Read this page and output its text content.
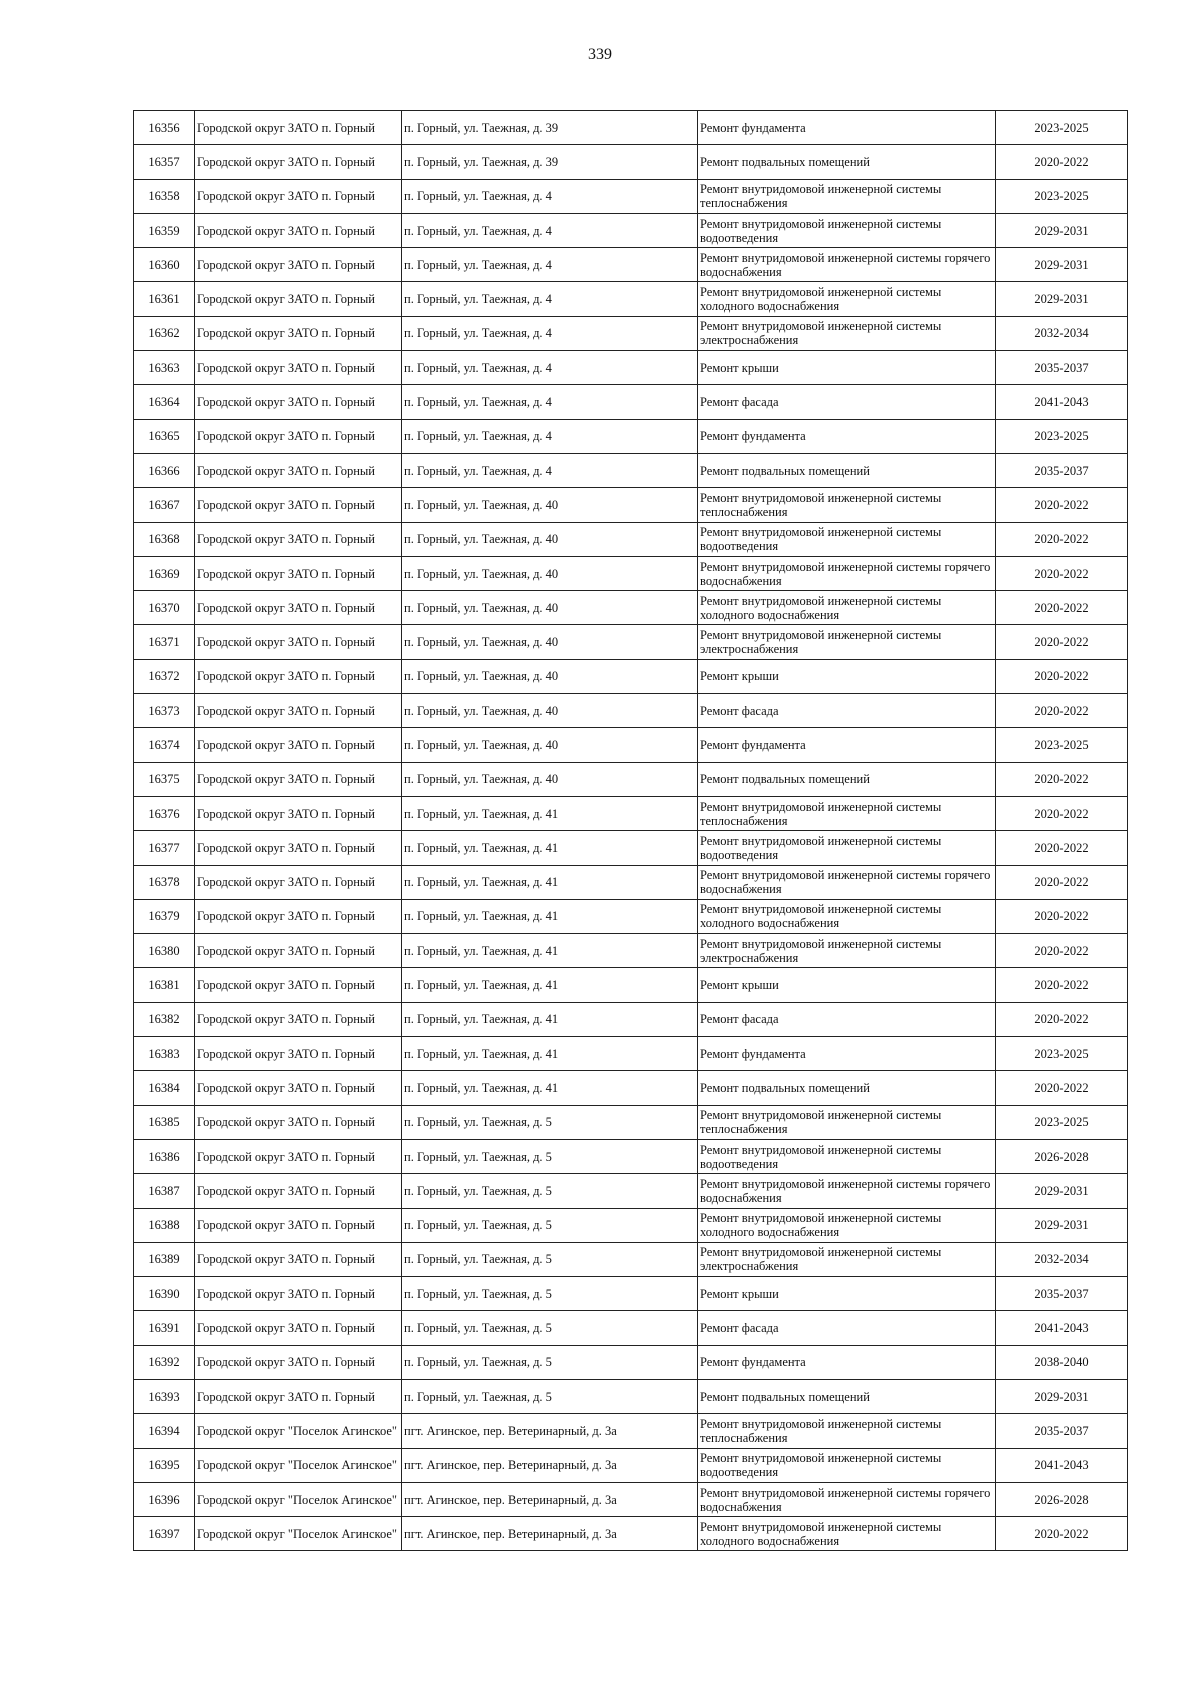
339
16356	Городской округ ЗАТО п. Горный	п. Горный, ул. Таежная, д. 39	Ремонт фундамента	2023-2025
16357	Городской округ ЗАТО п. Горный	п. Горный, ул. Таежная, д. 39	Ремонт подвальных помещений	2020-2022
16358	Городской округ ЗАТО п. Горный	п. Горный, ул. Таежная, д. 4	Ремонт внутридомовой инженерной системы теплоснабжения	2023-2025
16359	Городской округ ЗАТО п. Горный	п. Горный, ул. Таежная, д. 4	Ремонт внутридомовой инженерной системы водоотведения	2029-2031
16360	Городской округ ЗАТО п. Горный	п. Горный, ул. Таежная, д. 4	Ремонт внутридомовой инженерной системы горячего водоснабжения	2029-2031
16361	Городской округ ЗАТО п. Горный	п. Горный, ул. Таежная, д. 4	Ремонт внутридомовой инженерной системы холодного водоснабжения	2029-2031
16362	Городской округ ЗАТО п. Горный	п. Горный, ул. Таежная, д. 4	Ремонт внутридомовой инженерной системы электроснабжения	2032-2034
16363	Городской округ ЗАТО п. Горный	п. Горный, ул. Таежная, д. 4	Ремонт крыши	2035-2037
16364	Городской округ ЗАТО п. Горный	п. Горный, ул. Таежная, д. 4	Ремонт фасада	2041-2043
16365	Городской округ ЗАТО п. Горный	п. Горный, ул. Таежная, д. 4	Ремонт фундамента	2023-2025
16366	Городской округ ЗАТО п. Горный	п. Горный, ул. Таежная, д. 4	Ремонт подвальных помещений	2035-2037
16367	Городской округ ЗАТО п. Горный	п. Горный, ул. Таежная, д. 40	Ремонт внутридомовой инженерной системы теплоснабжения	2020-2022
16368	Городской округ ЗАТО п. Горный	п. Горный, ул. Таежная, д. 40	Ремонт внутридомовой инженерной системы водоотведения	2020-2022
16369	Городской округ ЗАТО п. Горный	п. Горный, ул. Таежная, д. 40	Ремонт внутридомовой инженерной системы горячего водоснабжения	2020-2022
16370	Городской округ ЗАТО п. Горный	п. Горный, ул. Таежная, д. 40	Ремонт внутридомовой инженерной системы холодного водоснабжения	2020-2022
16371	Городской округ ЗАТО п. Горный	п. Горный, ул. Таежная, д. 40	Ремонт внутридомовой инженерной системы электроснабжения	2020-2022
16372	Городской округ ЗАТО п. Горный	п. Горный, ул. Таежная, д. 40	Ремонт крыши	2020-2022
16373	Городской округ ЗАТО п. Горный	п. Горный, ул. Таежная, д. 40	Ремонт фасада	2020-2022
16374	Городской округ ЗАТО п. Горный	п. Горный, ул. Таежная, д. 40	Ремонт фундамента	2023-2025
16375	Городской округ ЗАТО п. Горный	п. Горный, ул. Таежная, д. 40	Ремонт подвальных помещений	2020-2022
16376	Городской округ ЗАТО п. Горный	п. Горный, ул. Таежная, д. 41	Ремонт внутридомовой инженерной системы теплоснабжения	2020-2022
16377	Городской округ ЗАТО п. Горный	п. Горный, ул. Таежная, д. 41	Ремонт внутридомовой инженерной системы водоотведения	2020-2022
16378	Городской округ ЗАТО п. Горный	п. Горный, ул. Таежная, д. 41	Ремонт внутридомовой инженерной системы горячего водоснабжения	2020-2022
16379	Городской округ ЗАТО п. Горный	п. Горный, ул. Таежная, д. 41	Ремонт внутридомовой инженерной системы холодного водоснабжения	2020-2022
16380	Городской округ ЗАТО п. Горный	п. Горный, ул. Таежная, д. 41	Ремонт внутридомовой инженерной системы электроснабжения	2020-2022
16381	Городской округ ЗАТО п. Горный	п. Горный, ул. Таежная, д. 41	Ремонт крыши	2020-2022
16382	Городской округ ЗАТО п. Горный	п. Горный, ул. Таежная, д. 41	Ремонт фасада	2020-2022
16383	Городской округ ЗАТО п. Горный	п. Горный, ул. Таежная, д. 41	Ремонт фундамента	2023-2025
16384	Городской округ ЗАТО п. Горный	п. Горный, ул. Таежная, д. 41	Ремонт подвальных помещений	2020-2022
16385	Городской округ ЗАТО п. Горный	п. Горный, ул. Таежная, д. 5	Ремонт внутридомовой инженерной системы теплоснабжения	2023-2025
16386	Городской округ ЗАТО п. Горный	п. Горный, ул. Таежная, д. 5	Ремонт внутридомовой инженерной системы водоотведения	2026-2028
16387	Городской округ ЗАТО п. Горный	п. Горный, ул. Таежная, д. 5	Ремонт внутридомовой инженерной системы горячего водоснабжения	2029-2031
16388	Городской округ ЗАТО п. Горный	п. Горный, ул. Таежная, д. 5	Ремонт внутридомовой инженерной системы холодного водоснабжения	2029-2031
16389	Городской округ ЗАТО п. Горный	п. Горный, ул. Таежная, д. 5	Ремонт внутридомовой инженерной системы электроснабжения	2032-2034
16390	Городской округ ЗАТО п. Горный	п. Горный, ул. Таежная, д. 5	Ремонт крыши	2035-2037
16391	Городской округ ЗАТО п. Горный	п. Горный, ул. Таежная, д. 5	Ремонт фасада	2041-2043
16392	Городской округ ЗАТО п. Горный	п. Горный, ул. Таежная, д. 5	Ремонт фундамента	2038-2040
16393	Городской округ ЗАТО п. Горный	п. Горный, ул. Таежная, д. 5	Ремонт подвальных помещений	2029-2031
16394	Городской округ "Поселок Агинское"	пгт. Агинское, пер. Ветеринарный, д. 3а	Ремонт внутридомовой инженерной системы теплоснабжения	2035-2037
16395	Городской округ "Поселок Агинское"	пгт. Агинское, пер. Ветеринарный, д. 3а	Ремонт внутридомовой инженерной системы водоотведения	2041-2043
16396	Городской округ "Поселок Агинское"	пгт. Агинское, пер. Ветеринарный, д. 3а	Ремонт внутридомовой инженерной системы горячего водоснабжения	2026-2028
16397	Городской округ "Поселок Агинское"	пгт. Агинское, пер. Ветеринарный, д. 3а	Ремонт внутридомовой инженерной системы холодного водоснабжения	2020-2022
